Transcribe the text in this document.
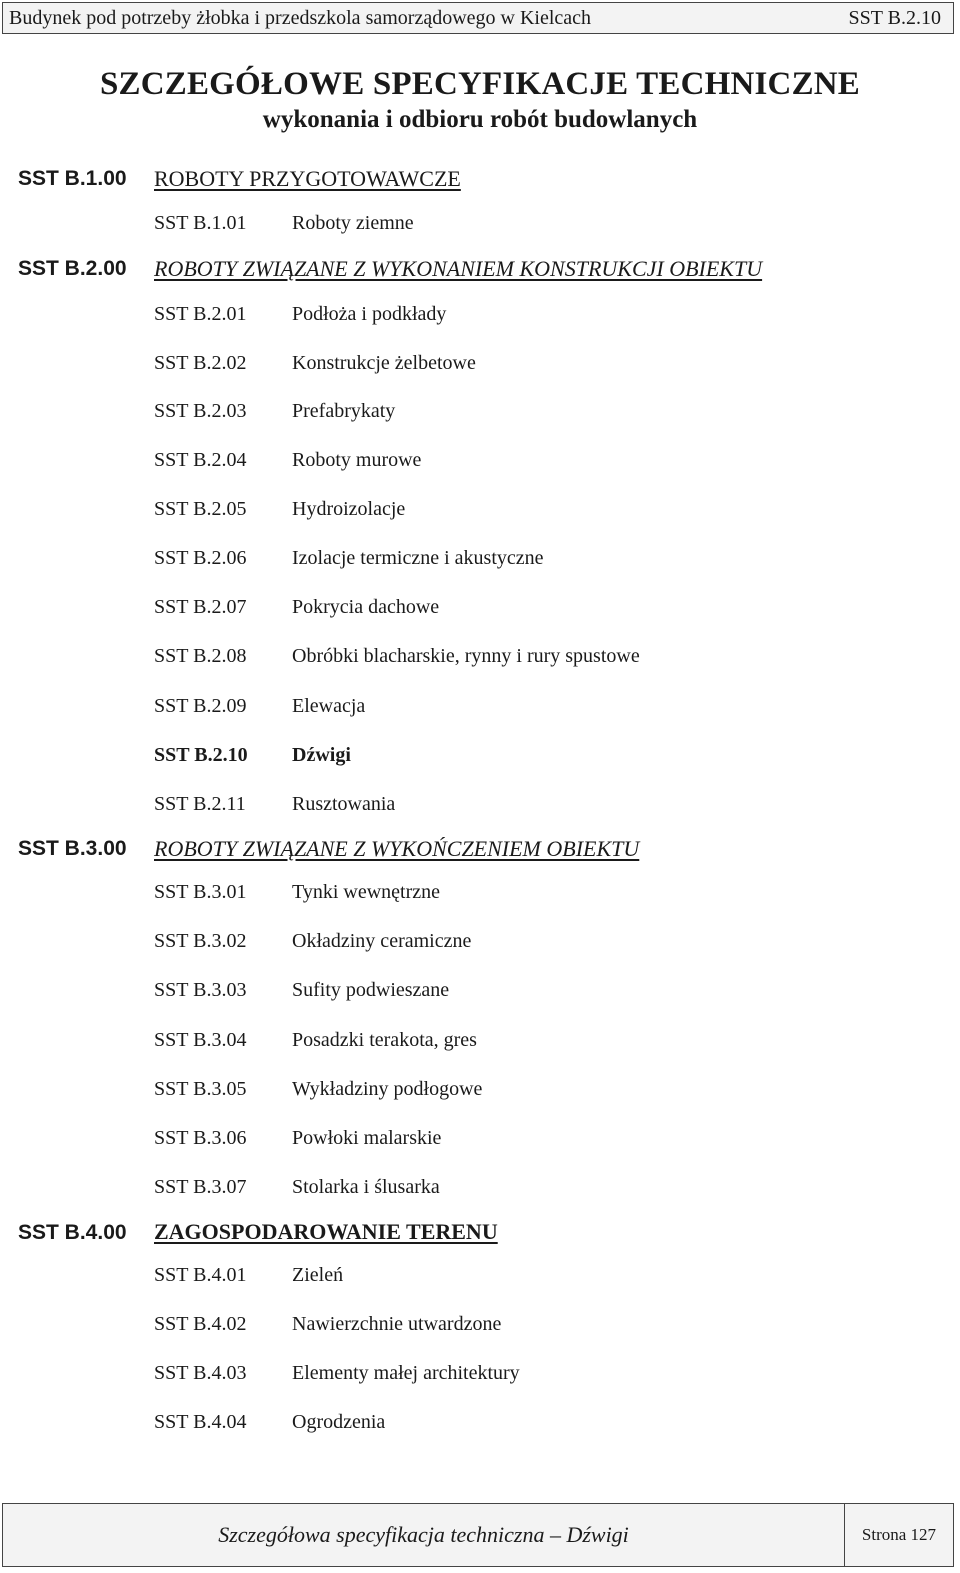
Budynek pod potrzeby żłobka i przedszkola samorządowego w Kielcach	SST B.2.10
SZCZEGÓŁOWE SPECYFIKACJE TECHNICZNE
wykonania i odbioru robót budowlanych
SST B.1.00 ROBOTY PRZYGOTOWAWCZE
SST B.1.01 Roboty ziemne
SST B.2.00 ROBOTY ZWIĄZANE Z WYKONANIEM KONSTRUKCJI OBIEKTU
SST B.2.01 Podłoża i podkłady
SST B.2.02 Konstrukcje żelbetowe
SST B.2.03 Prefabrykaty
SST B.2.04 Roboty murowe
SST B.2.05 Hydroizolacje
SST B.2.06 Izolacje termiczne i akustyczne
SST B.2.07 Pokrycia dachowe
SST B.2.08 Obróbki blacharskie, rynny i rury spustowe
SST B.2.09 Elewacja
SST B.2.10 Dźwigi
SST B.2.11 Rusztowania
SST B.3.00 ROBOTY ZWIĄZANE Z WYKOŃCZENIEM OBIEKTU
SST B.3.01 Tynki wewnętrzne
SST B.3.02 Okładziny ceramiczne
SST B.3.03 Sufity podwieszane
SST B.3.04 Posadzki terakota, gres
SST B.3.05 Wykładziny podłogowe
SST B.3.06 Powłoki malarskie
SST B.3.07 Stolarka i ślusarka
SST B.4.00 ZAGOSPODAROWANIE TERENU
SST B.4.01 Zieleń
SST B.4.02 Nawierzchnie utwardzone
SST B.4.03 Elementy małej architektury
SST B.4.04 Ogrodzenia
Szczegółowa specyfikacja techniczna – Dźwigi	Strona 127
